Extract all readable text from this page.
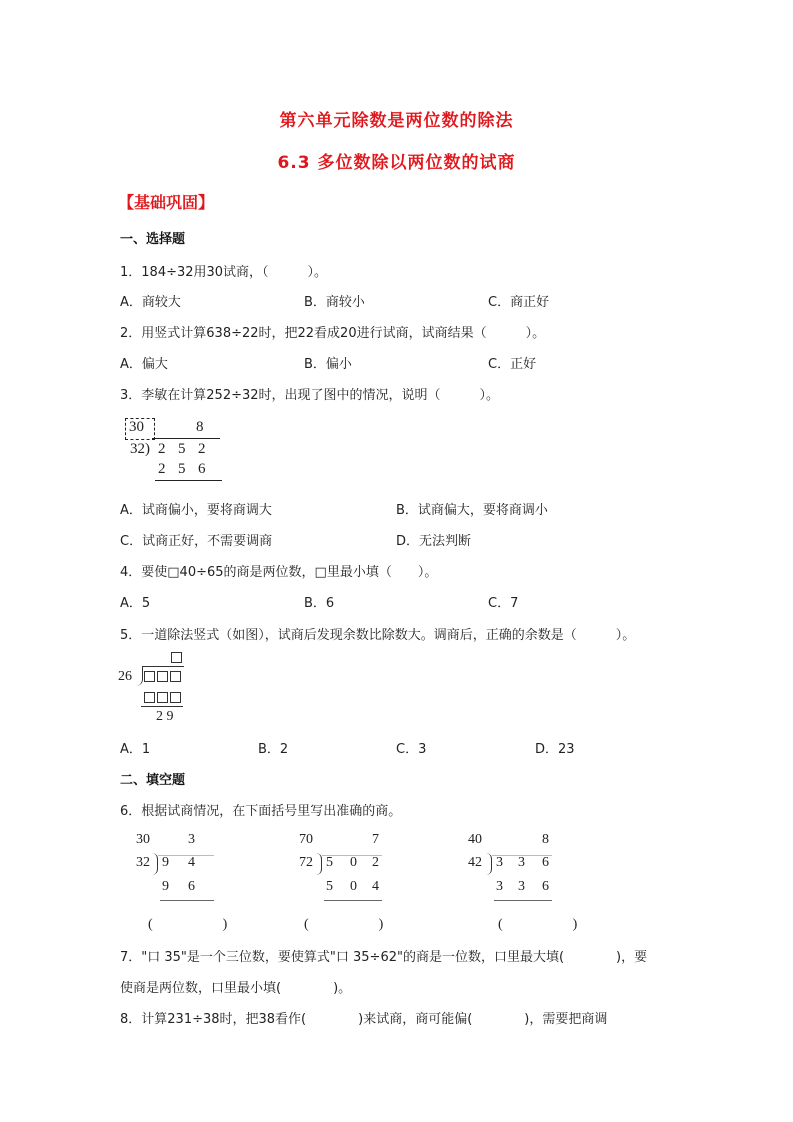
第六单元除数是两位数的除法
6.3 多位数除以两位数的试商
【基础巩固】
一、选择题
1．184÷32用30试商，（　　　）。
A．商较大	B．商较小	C．商正好
2．用竖式计算638÷22时，把22看成20进行试商，试商结果（　　　）。
A．偏大	B．偏小	C．正好
3．李敏在计算252÷32时，出现了图中的情况，说明（　　　）。
30	8
32) 2 5 2
2 5 6
A．试商偏小，要将商调大	B．试商偏大，要将商调小
C．试商正好，不需要调商	D．无法判断
4．要使□40÷65的商是两位数，□里最小填（　　）。
A．5	B．6	C．7
5．一道除法竖式（如图），试商后发现余数比除数大。调商后，正确的余数是（　　　）。
26
2 9
A．1	B．2	C．3	D．23
二、填空题
6．根据试商情况，在下面括号里写出准确的商。
30	3
32 9 4
9 6
(　　　　　)
70	7
72 5 0 2
5 0 4
(　　　　　)
40	8
42 3 3 6
3 3 6
(　　　　　)
7．"口 35"是一个三位数，要使算式"口 35÷62"的商是一位数，口里最大填(　　　　)，要
使商是两位数，口里最小填(　　　　)。
8．计算231÷38时，把38看作(　　　　)来试商，商可能偏(　　　　)，需要把商调
